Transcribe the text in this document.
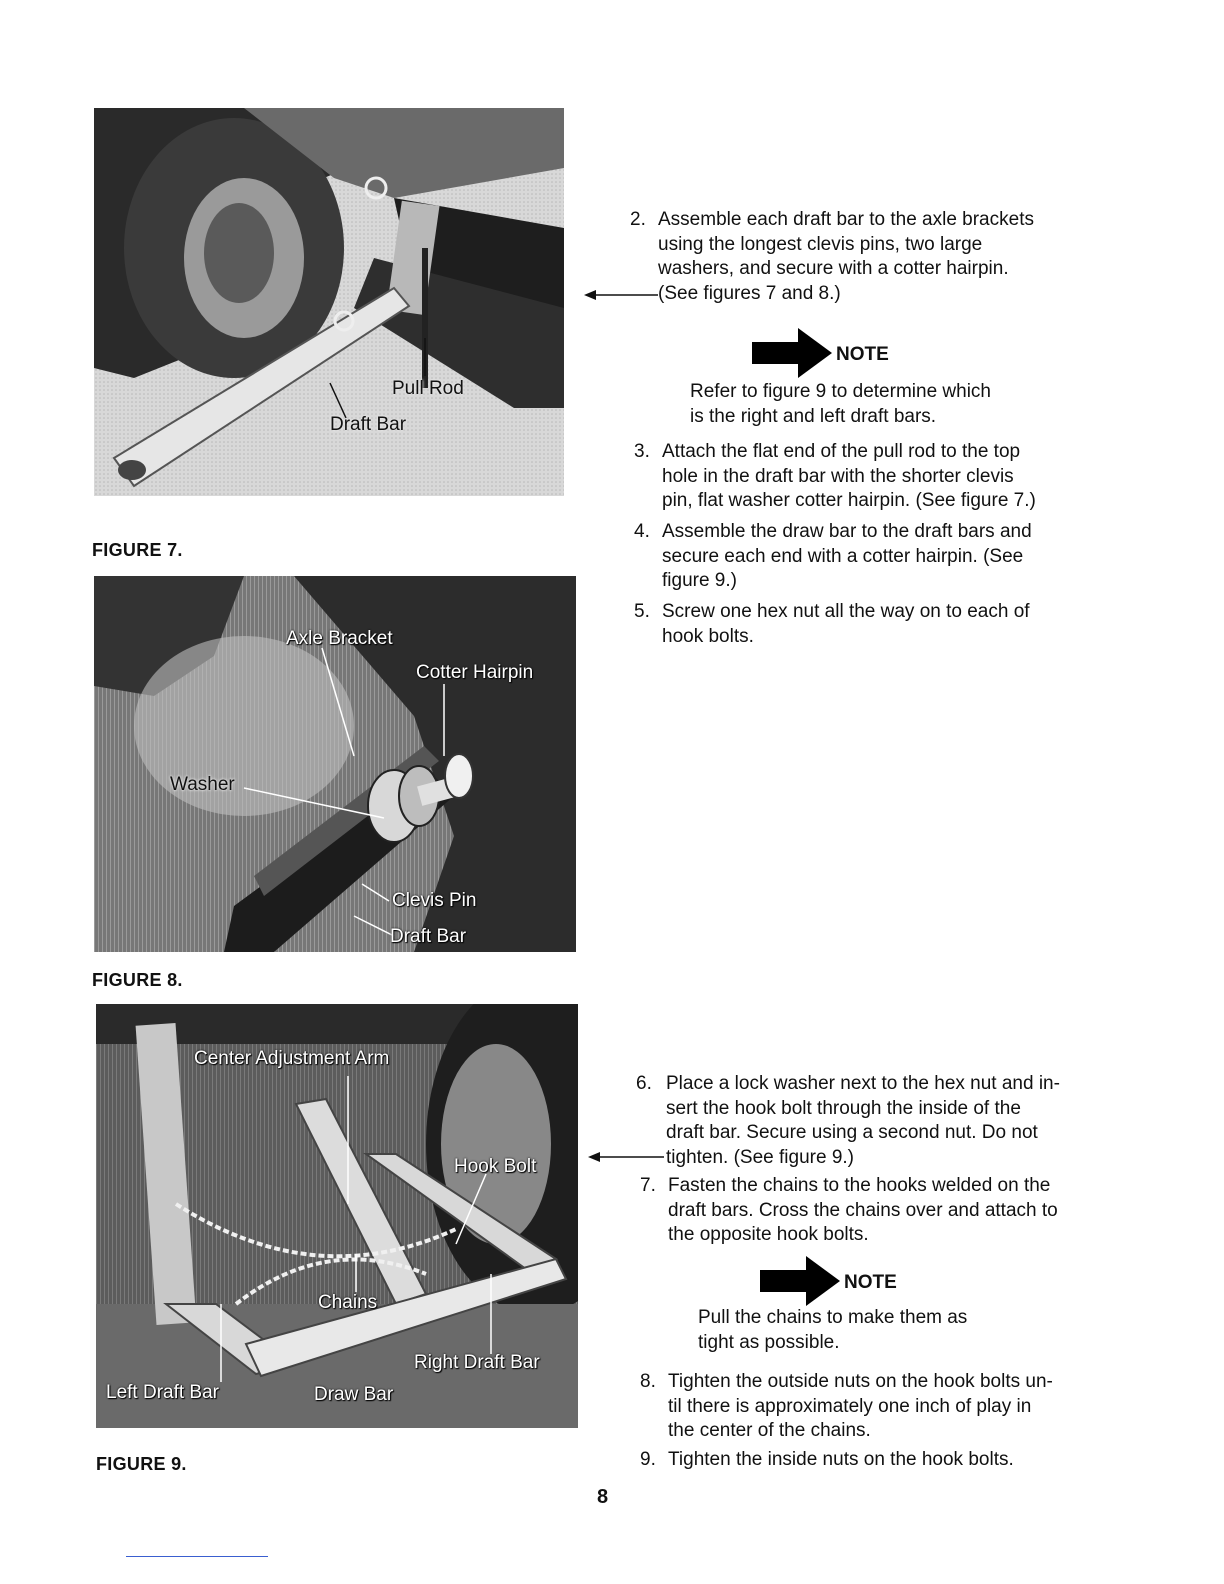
Pull Rod
Draft Bar
FIGURE 7.
Axle Bracket
Cotter Hairpin
Washer
Clevis Pin
Draft Bar
FIGURE 8.
Center Adjustment Arm
Hook Bolt
Chains
Right Draft Bar
Left Draft Bar	Draw Bar
FIGURE 9.
2. Assemble each draft bar to the axle brackets
using the longest clevis pins, two large
washers, and secure with a cotter hairpin.
(See figures 7 and 8.)
NOTE
Refer to figure 9 to determine which
is the right and left draft bars.
3. Attach the flat end of the pull rod to the top
hole in the draft bar with the shorter clevis
pin, flat washer cotter hairpin. (See figure 7.)
4. Assemble the draw bar to the draft bars and
secure each end with a cotter hairpin. (See
figure 9.)
5. Screw one hex nut all the way on to each of
hook bolts.
6. Place a lock washer next to the hex nut and in-
sert the hook bolt through the inside of the
draft bar. Secure using a second nut. Do not
tighten. (See figure 9.)
7. Fasten the chains to the hooks welded on the
draft bars. Cross the chains over and attach to
the opposite hook bolts.
NOTE
Pull the chains to make them as
tight as possible.
8. Tighten the outside nuts on the hook bolts un-
til there is approximately one inch of play in
the center of the chains.
9. Tighten the inside nuts on the hook bolts.
8
